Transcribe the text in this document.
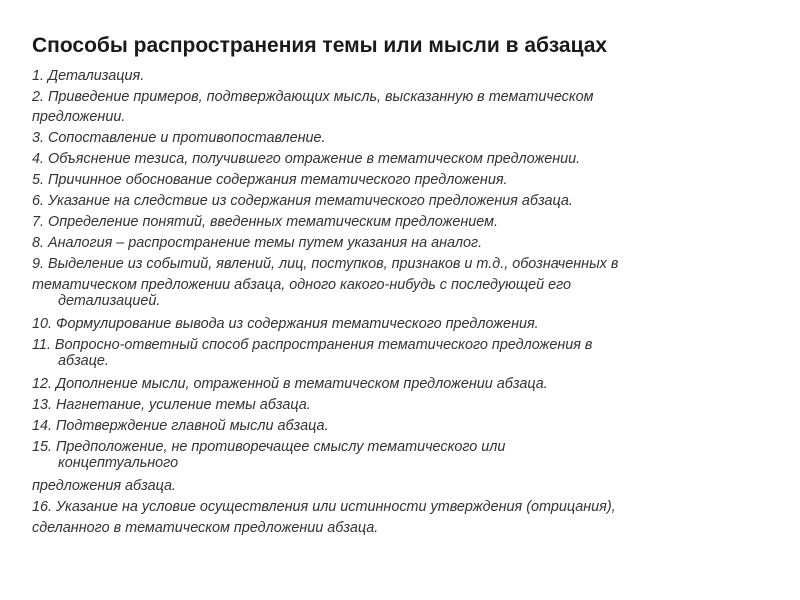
Способы распространения темы или мысли в абзацах
1. Детализация.
2. Приведение примеров, подтверждающих мысль, высказанную в тематическом
предложении.
3. Сопоставление и противопоставление.
4. Объяснение тезиса, получившего отражение в тематическом предложении.
5. Причинное обоснование содержания тематического предложения.
6. Указание на следствие из содержания тематического предложения абзаца.
7. Определение понятий, введенных тематическим предложением.
8. Аналогия – распространение темы путем указания на аналог.
9. Выделение из событий, явлений, лиц, поступков, признаков и т.д., обозначенных в
тематическом предложении абзаца, одного какого-нибудь с последующей его
детализацией.
10. Формулирование вывода из содержания тематического предложения.
11. Вопросно-ответный способ распространения тематического предложения в
абзаце.
12. Дополнение мысли, отраженной в тематическом предложении абзаца.
13. Нагнетание, усиление темы абзаца.
14. Подтверждение главной мысли абзаца.
15. Предположение, не противоречащее смыслу тематического или
концептуального
предложения абзаца.
16. Указание на условие осуществления или истинности утверждения (отрицания),
сделанного в тематическом предложении абзаца.
